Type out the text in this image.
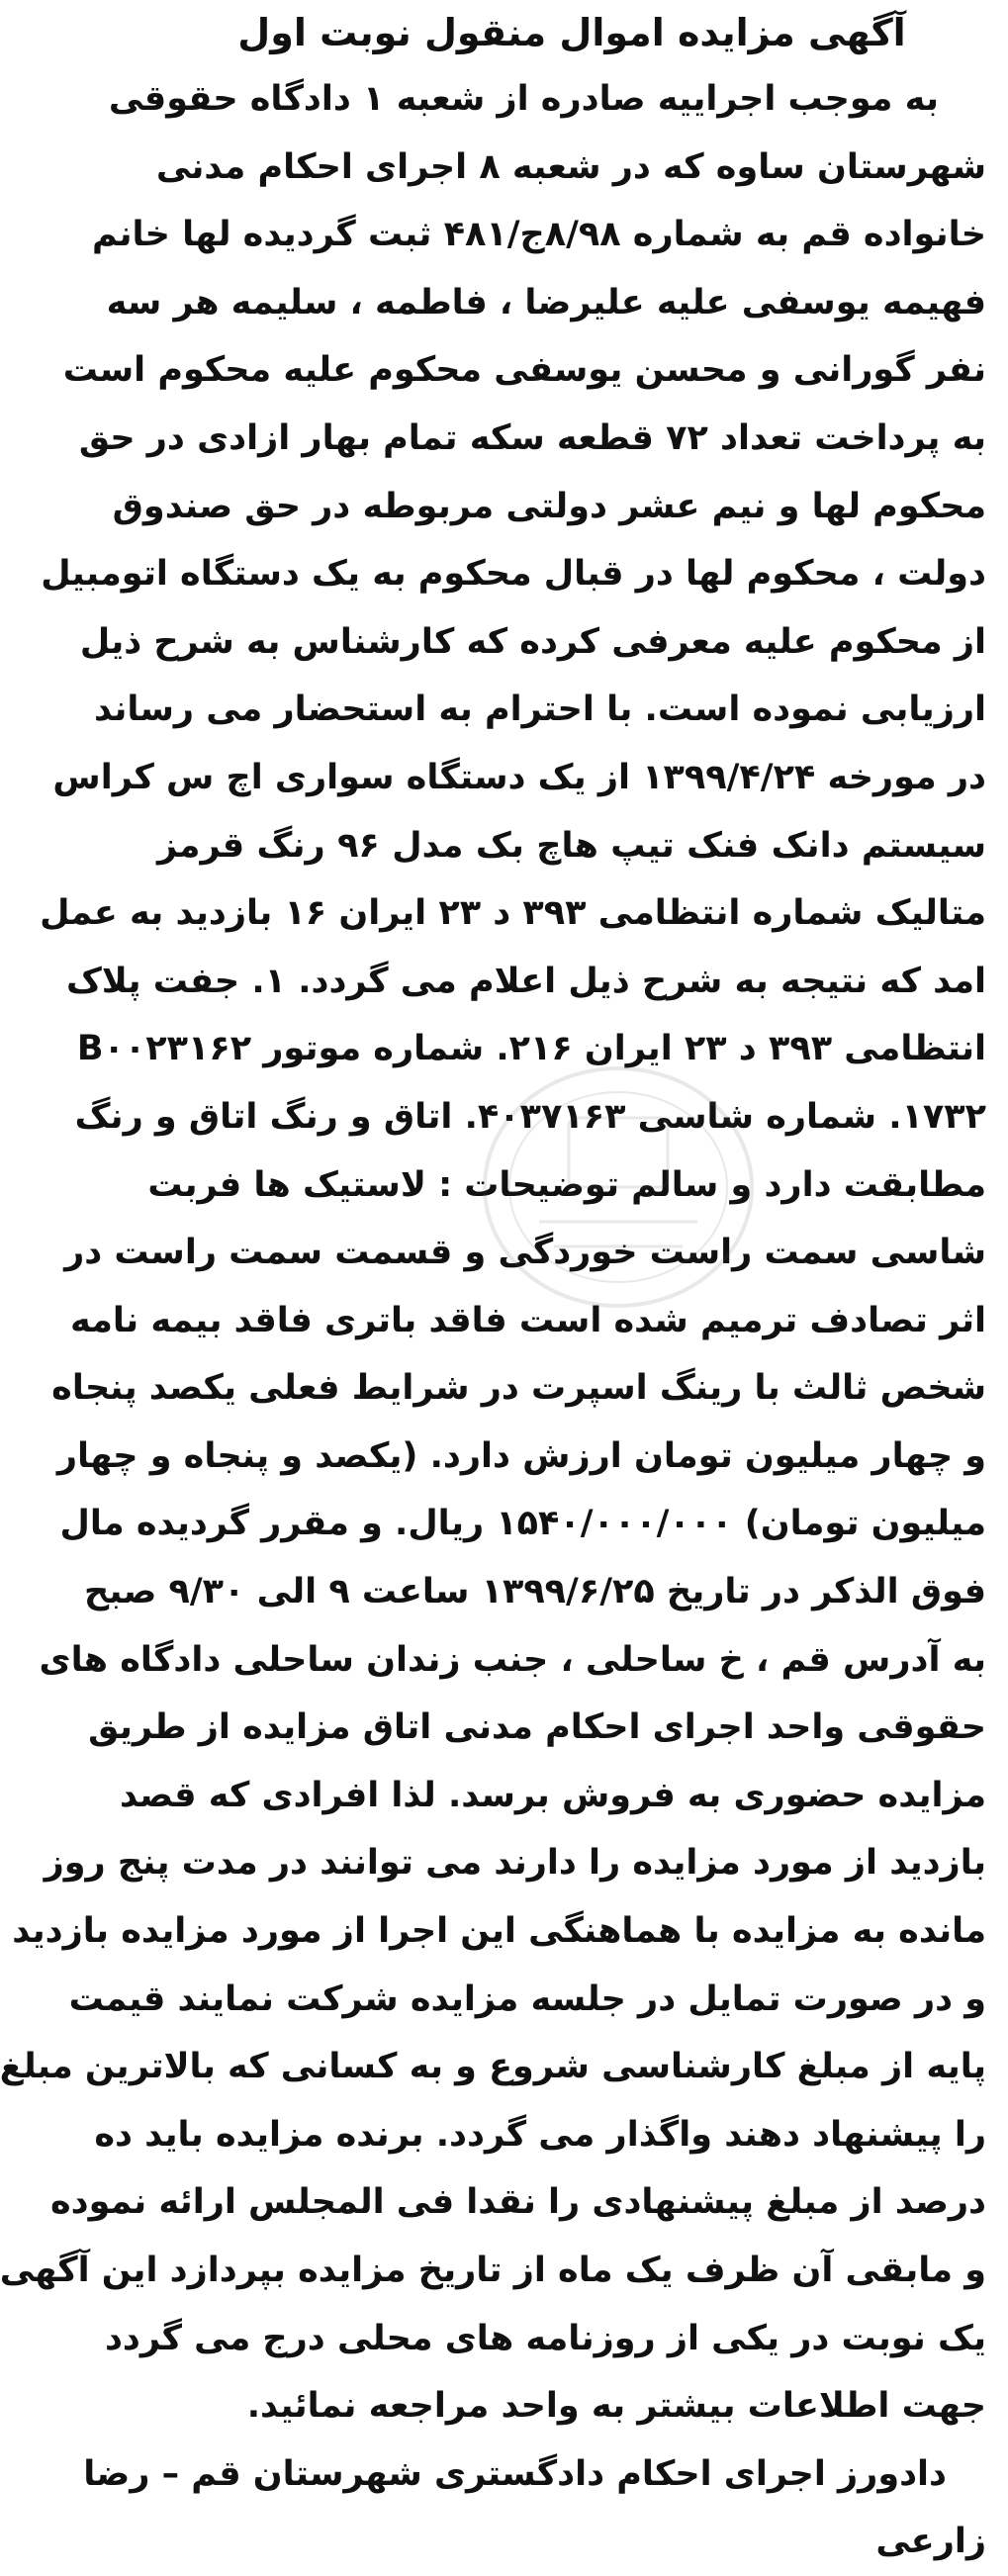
آگهی مزایده اموال منقول نوبت اول
به موجب اجراییه صادره از شعبه ۱ دادگاه حقوقی
شهرستان ساوه که در شعبه ۸ اجرای احکام مدنی
خانواده قم به شماره ۸/۹۸ج/۴۸۱ ثبت گردیده لها خانم
فهیمه یوسفی علیه علیرضا ، فاطمه ، سلیمه هر سه
نفر گورانی و محسن یوسفی محکوم علیه محکوم است
به پرداخت تعداد ۷۲ قطعه سکه تمام بهار ازادی در حق
محکوم لها و نیم عشر دولتی مربوطه در حق صندوق
دولت ، محکوم لها در قبال محکوم به یک دستگاه اتومبیل
از محکوم علیه معرفی کرده که کارشناس به شرح ذیل
ارزیابی نموده است. با احترام به استحضار می رساند
در مورخه ۱۳۹۹/۴/۲۴ از یک دستگاه سواری اچ س کراس
سیستم دانک فنک تیپ هاچ بک مدل ۹۶ رنگ قرمز
متالیک شماره انتظامی ۳۹۳ د ۲۳ ایران ۱۶ بازدید به عمل
امد که نتیجه به شرح ذیل اعلام می گردد. ۱. جفت پلاک
انتظامی ۳۹۳ د ۲۳ ایران ۲۱۶. شماره موتور B۰۰۲۳۱۶۲
۱۷۳۲. شماره شاسی ۴۰۳۷۱۶۳. اتاق و رنگ اتاق و رنگ
مطابقت دارد و سالم توضیحات : لاستیک ها فربت
شاسی سمت راست خوردگی و قسمت سمت راست در
اثر تصادف ترمیم شده است فاقد باتری فاقد بیمه نامه
شخص ثالث با رینگ اسپرت در شرایط فعلی یکصد پنجاه
و چهار میلیون تومان ارزش دارد. (یکصد و پنجاه و چهار
میلیون تومان) ۱۵۴۰/۰۰۰/۰۰۰ ریال. و مقرر گردیده مال
فوق الذکر در تاریخ ۱۳۹۹/۶/۲۵ ساعت ۹ الی ۹/۳۰ صبح
به آدرس قم ، خ ساحلی ، جنب زندان ساحلی دادگاه های
حقوقی واحد اجرای احکام مدنی اتاق مزایده از طریق
مزایده حضوری به فروش برسد. لذا افرادی که قصد
بازدید از مورد مزایده را دارند می توانند در مدت پنج روز
مانده به مزایده با هماهنگی این اجرا از مورد مزایده بازدید
و در صورت تمایل در جلسه مزایده شرکت نمایند قیمت
پایه از مبلغ کارشناسی شروع و به کسانی که بالاترین مبلغ
را پیشنهاد دهند واگذار می گردد. برنده مزایده باید ده
درصد از مبلغ پیشنهادی را نقدا فی المجلس ارائه نموده
و مابقی آن ظرف یک ماه از تاریخ مزایده بپردازد این آگهی
یک نوبت در یکی از روزنامه های محلی درج می گردد
جهت اطلاعات بیشتر به واحد مراجعه نمائید.
دادورز اجرای احکام دادگستری شهرستان قم – رضا
زارعی
